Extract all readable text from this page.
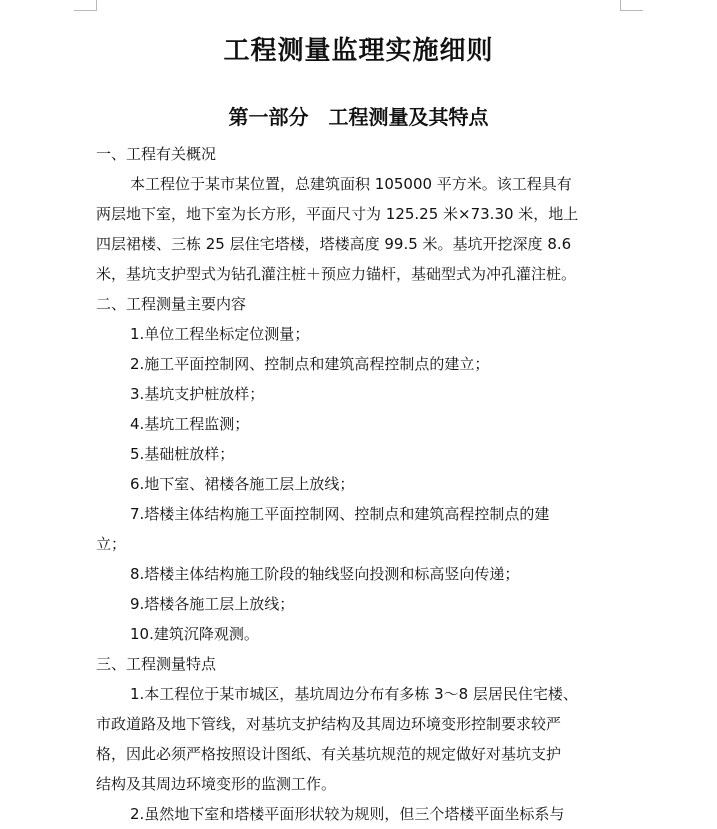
工程测量监理实施细则
第一部分　工程测量及其特点
一、工程有关概况
本工程位于某市某位置，总建筑面积 105000 平方米。该工程具有
两层地下室，地下室为长方形，平面尺寸为 125.25 米×73.30 米，地上
四层裙楼、三栋 25 层住宅塔楼，塔楼高度 99.5 米。基坑开挖深度 8.6
米，基坑支护型式为钻孔灌注桩＋预应力锚杆，基础型式为冲孔灌注桩。
二、工程测量主要内容
1.单位工程坐标定位测量；
2.施工平面控制网、控制点和建筑高程控制点的建立；
3.基坑支护桩放样；
4.基坑工程监测；
5.基础桩放样；
6.地下室、裙楼各施工层上放线；
7.塔楼主体结构施工平面控制网、控制点和建筑高程控制点的建
立；
8.塔楼主体结构施工阶段的轴线竖向投测和标高竖向传递；
9.塔楼各施工层上放线；
10.建筑沉降观测。
三、工程测量特点
1.本工程位于某市城区，基坑周边分布有多栋 3～8 层居民住宅楼、
市政道路及地下管线，对基坑支护结构及其周边环境变形控制要求较严
格，因此必须严格按照设计图纸、有关基坑规范的规定做好对基坑支护
结构及其周边环境变形的监测工作。
2.虽然地下室和塔楼平面形状较为规则，但三个塔楼平面坐标系与
